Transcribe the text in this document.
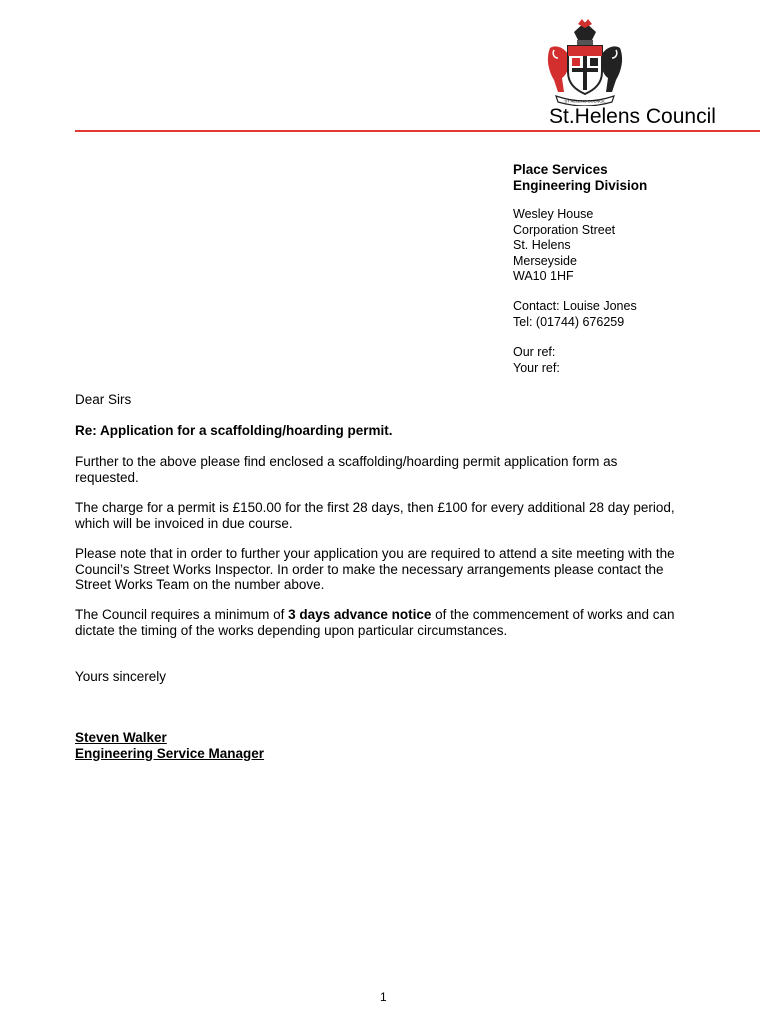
ST HELENS COUNCIL
St.Helens Council
Place Services
Engineering Division
Wesley House
Corporation Street
St. Helens
Merseyside
WA10 1HF
Contact: Louise Jones
Tel: (01744) 676259
Our ref:
Your ref:
Dear Sirs
Re: Application for a scaffolding/hoarding permit.
Further to the above please find enclosed a scaffolding/hoarding permit application form as requested.
The charge for a permit is £150.00 for the first 28 days, then £100 for every additional 28 day period, which will be invoiced in due course.
Please note that in order to further your application you are required to attend a site meeting with the Council’s Street Works Inspector. In order to make the necessary arrangements please contact the Street Works Team on the number above.
The Council requires a minimum of 3 days advance notice of the commencement of works and can dictate the timing of the works depending upon particular circumstances.
Yours sincerely
Steven Walker
Engineering Service Manager
1
